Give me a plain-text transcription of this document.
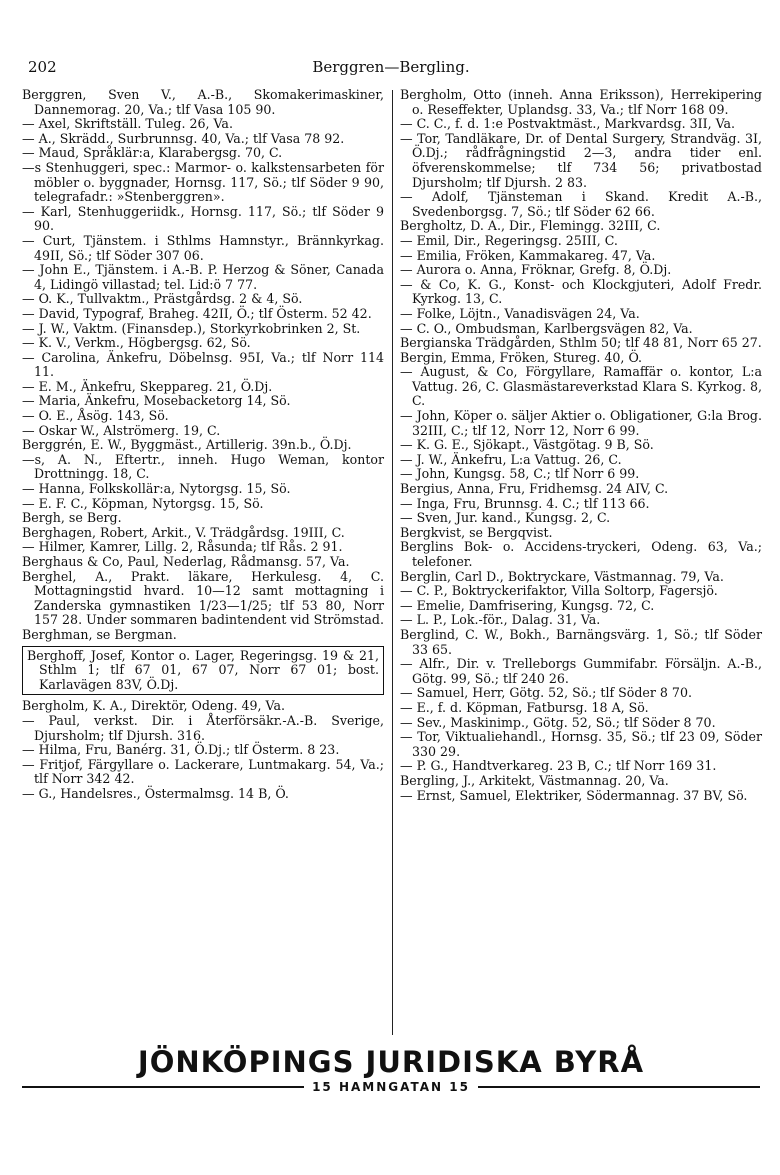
202	Berggren—Bergling.

Berggren, Sven V., A.-B., Skomakerimaskiner, Dannemorag. 20, Va.; tlf Vasa 105 90.

— Axel, Skriftställ. Tuleg. 26, Va.

— A., Skrädd., Surbrunnsg. 40, Va.; tlf Vasa 78 92.

— Maud, Språklär:a, Klarabergsg. 70, C.

—s Stenhuggeri, spec.: Marmor- o. kalkstensarbeten för möbler o. byggnader, Hornsg. 117, Sö.; tlf Söder 9 90, telegrafadr.: »Stenberggren».

— Karl, Stenhuggeriidk., Hornsg. 117, Sö.; tlf Söder 9 90.

— Curt, Tjänstem. i Sthlms Hamnstyr., Brännkyrkag. 49II, Sö.; tlf Söder 307 06.

— John E., Tjänstem. i A.-B. P. Herzog & Söner, Canada 4, Lidingö villastad; tel. Lid:ö 7 77.

— O. K., Tullvaktm., Prästgårdsg. 2 & 4, Sö.

— David, Typograf, Braheg. 42II, Ö.; tlf Österm. 52 42.

— J. W., Vaktm. (Finansdep.), Storkyrkobrinken 2, St.

— K. V., Verkm., Högbergsg. 62, Sö.

— Carolina, Änkefru, Döbelnsg. 95I, Va.; tlf Norr 114 11.

— E. M., Änkefru, Skeppareg. 21, Ö.Dj.

— Maria, Änkefru, Mosebacketorg 14, Sö.

— O. E., Åsög. 143, Sö.

— Oskar W., Alströmerg. 19, C.

Berggrén, E. W., Byggmäst., Artillerig. 39n.b., Ö.Dj.

—s, A. N., Eftertr., inneh. Hugo Weman, kontor Drottningg. 18, C.

— Hanna, Folkskollär:a, Nytorgsg. 15, Sö.

— E. F. C., Köpman, Nytorgsg. 15, Sö.

Bergh, se Berg.

Berghagen, Robert, Arkit., V. Trädgårdsg. 19III, C.

— Hilmer, Kamrer, Lillg. 2, Råsunda; tlf Rås. 2 91.

Berghaus & Co, Paul, Nederlag, Rådmansg. 57, Va.

Berghel, A., Prakt. läkare, Herkulesg. 4, C. Mottagningstid hvard. 10—12 samt mottagning i Zanderska gymnastiken 1/23—1/25; tlf 53 80, Norr 157 28. Under sommaren badintendent vid Strömstad.

Berghman, se Bergman.

Berghoff, Josef, Kontor o. Lager, Regeringsg. 19 & 21, Sthlm 1; tlf 67 01, 67 07, Norr 67 01; bost. Karlavägen 83V, Ö.Dj.

Bergholm, K. A., Direktör, Odeng. 49, Va.

— Paul, verkst. Dir. i Återförsäkr.-A.-B. Sverige, Djursholm; tlf Djursh. 316.

— Hilma, Fru, Banérg. 31, Ö.Dj.; tlf Österm. 8 23.

— Fritjof, Färgyllare o. Lackerare, Luntmakarg. 54, Va.; tlf Norr 342 42.

— G., Handelsres., Östermalmsg. 14 B, Ö.

Bergholm, Otto (inneh. Anna Eriksson), Herrekipering o. Reseffekter, Uplandsg. 33, Va.; tlf Norr 168 09.

— C. C., f. d. 1:e Postvaktmäst., Markvardsg. 3II, Va.

— Tor, Tandläkare, Dr. of Dental Surgery, Strandväg. 3I, Ö.Dj.; rådfrågningstid 2—3, andra tider enl. öfverenskommelse; tlf 734 56; privatbostad Djursholm; tlf Djursh. 2 83.

— Adolf, Tjänsteman i Skand. Kredit A.-B., Svedenborgsg. 7, Sö.; tlf Söder 62 66.

Bergholtz, D. A., Dir., Flemingg. 32III, C.

— Emil, Dir., Regeringsg. 25III, C.

— Emilia, Fröken, Kammakareg. 47, Va.

— Aurora o. Anna, Fröknar, Grefg. 8, Ö.Dj.

— & Co, K. G., Konst- och Klockgjuteri, Adolf Fredr. Kyrkog. 13, C.

— Folke, Löjtn., Vanadisvägen 24, Va.

— C. O., Ombudsman, Karlbergsvägen 82, Va.

Bergianska Trädgården, Sthlm 50; tlf 48 81, Norr 65 27.

Bergin, Emma, Fröken, Stureg. 40, Ö.

— August, & Co, Förgyllare, Ramaffär o. kontor, L:a Vattug. 26, C. Glasmästareverkstad Klara S. Kyrkog. 8, C.

— John, Köper o. säljer Aktier o. Obligationer, G:la Brog. 32III, C.; tlf 12, Norr 12, Norr 6 99.

— K. G. E., Sjökapt., Västgötag. 9 B, Sö.

— J. W., Änkefru, L:a Vattug. 26, C.

— John, Kungsg. 58, C.; tlf Norr 6 99.

Bergius, Anna, Fru, Fridhemsg. 24 AIV, C.

— Inga, Fru, Brunnsg. 4. C.; tlf 113 66.

— Sven, Jur. kand., Kungsg. 2, C.

Bergkvist, se Bergqvist.

Berglins Bok- o. Accidens-tryckeri, Odeng. 63, Va.; telefoner.

Berglin, Carl D., Boktryckare, Västmannag. 79, Va.

— C. P., Boktryckerifaktor, Villa Soltorp, Fagersjö.

— Emelie, Damfrisering, Kungsg. 72, C.

— L. P., Lok.-för., Dalag. 31, Va.

Berglind, C. W., Bokh., Barnängsvärg. 1, Sö.; tlf Söder 33 65.

— Alfr., Dir. v. Trelleborgs Gummifabr. Försäljn. A.-B., Götg. 99, Sö.; tlf 240 26.

— Samuel, Herr, Götg. 52, Sö.; tlf Söder 8 70.

— E., f. d. Köpman, Fatbursg. 18 A, Sö.

— Sev., Maskinimp., Götg. 52, Sö.; tlf Söder 8 70.

— Tor, Viktualiehandl., Hornsg. 35, Sö.; tlf 23 09, Söder 330 29.

— P. G., Handtverkareg. 23 B, C.; tlf Norr 169 31.

Bergling, J., Arkitekt, Västmannag. 20, Va.

— Ernst, Samuel, Elektriker, Södermannag. 37 BV, Sö.

JÖNKÖPINGS JURIDISKA BYRÅ
15 HAMNGATAN 15
